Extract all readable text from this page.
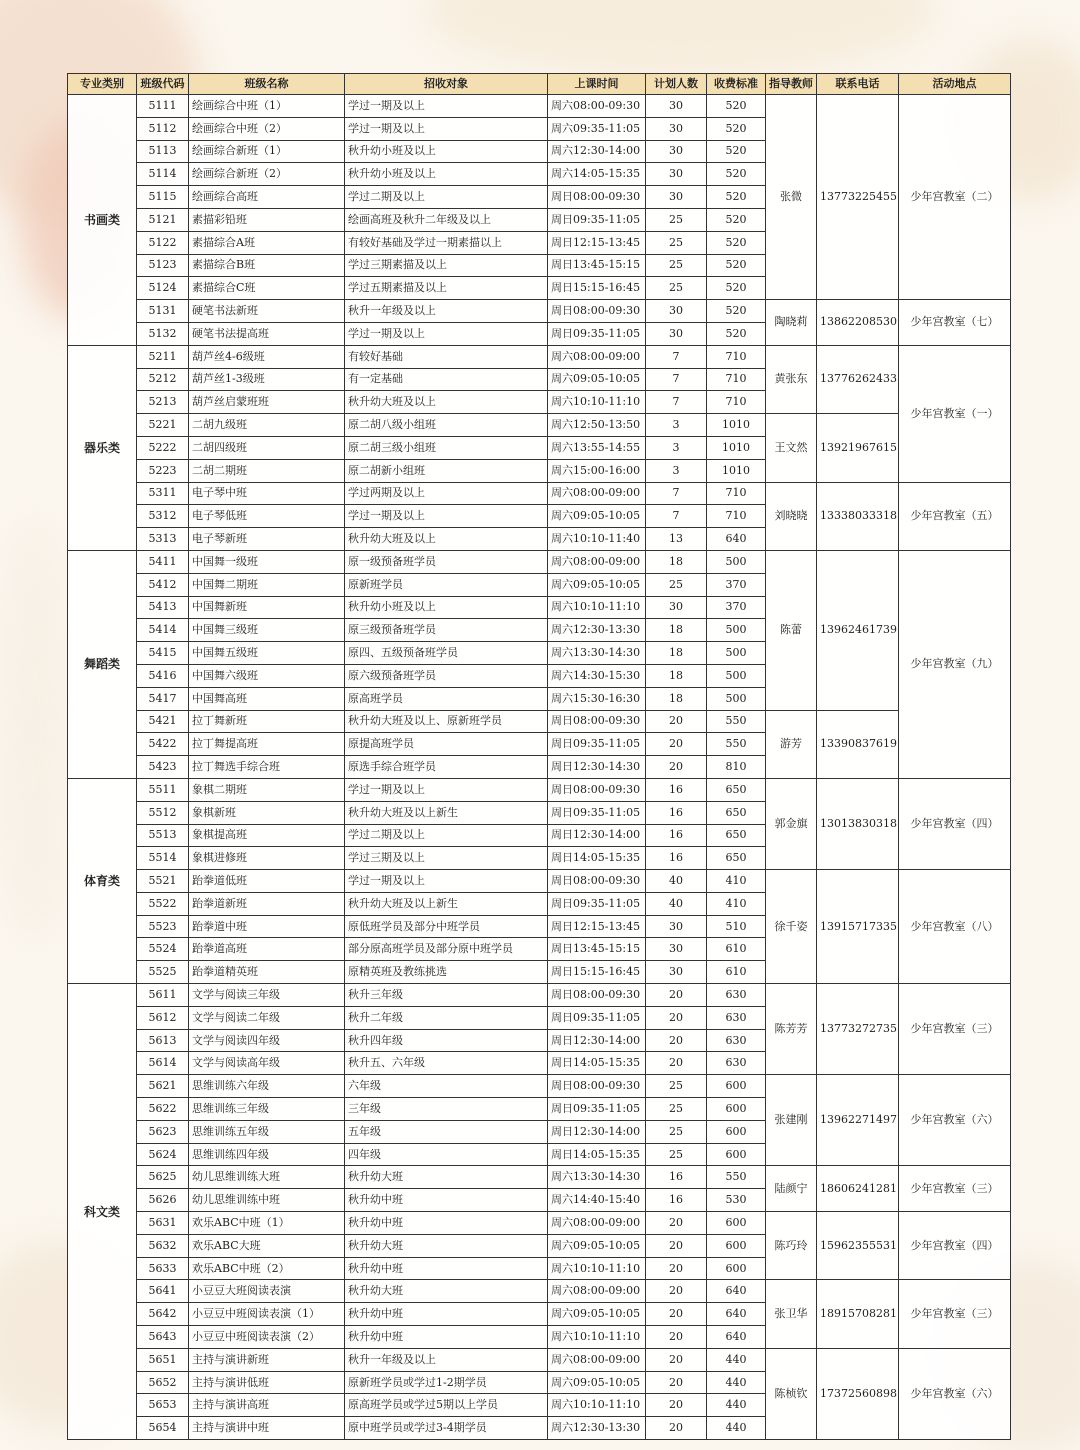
专业类别	班级代码	班级名称	招收对象	上课时间	计划人数	收费标准	指导教师	联系电话	活动地点
书画类	5111	绘画综合中班（1）	学过一期及以上	周六08:00-09:30	30	520	张微	13773225455	少年宫教室（二）
	5112	绘画综合中班（2）	学过一期及以上	周六09:35-11:05	30	520			
	5113	绘画综合新班（1）	秋升幼小班及以上	周六12:30-14:00	30	520			
	5114	绘画综合新班（2）	秋升幼小班及以上	周六14:05-15:35	30	520			
	5115	绘画综合高班	学过二期及以上	周日08:00-09:30	30	520			
	5121	素描彩铅班	绘画高班及秋升二年级及以上	周日09:35-11:05	25	520			
	5122	素描综合A班	有较好基础及学过一期素描以上	周日12:15-13:45	25	520			
	5123	素描综合B班	学过三期素描及以上	周日13:45-15:15	25	520			
	5124	素描综合C班	学过五期素描及以上	周日15:15-16:45	25	520			
	5131	硬笔书法新班	秋升一年级及以上	周日08:00-09:30	30	520	陶晓莉	13862208530	少年宫教室（七）
	5132	硬笔书法提高班	学过一期及以上	周日09:35-11:05	30	520			
器乐类	5211	葫芦丝4-6级班	有较好基础	周六08:00-09:00	7	710	黄张东	13776262433	少年宫教室（一）
	5212	葫芦丝1-3级班	有一定基础	周六09:05-10:05	7	710			
	5213	葫芦丝启蒙班班	秋升幼大班及以上	周六10:10-11:10	7	710			
	5221	二胡九级班	原二胡八级小组班	周六12:50-13:50	3	1010	王文然	13921967615	
	5222	二胡四级班	原二胡三级小组班	周六13:55-14:55	3	1010			
	5223	二胡二期班	原二胡新小组班	周六15:00-16:00	3	1010			
	5311	电子琴中班	学过两期及以上	周六08:00-09:00	7	710	刘晓晓	13338033318	少年宫教室（五）
	5312	电子琴低班	学过一期及以上	周六09:05-10:05	7	710			
	5313	电子琴新班	秋升幼大班及以上	周六10:10-11:40	13	640			
舞蹈类	5411	中国舞一级班	原一级预备班学员	周六08:00-09:00	18	500	陈蕾	13962461739	少年宫教室（九）
	5412	中国舞二期班	原新班学员	周六09:05-10:05	25	370			
	5413	中国舞新班	秋升幼小班及以上	周六10:10-11:10	30	370			
	5414	中国舞三级班	原三级预备班学员	周六12:30-13:30	18	500			
	5415	中国舞五级班	原四、五级预备班学员	周六13:30-14:30	18	500			
	5416	中国舞六级班	原六级预备班学员	周六14:30-15:30	18	500			
	5417	中国舞高班	原高班学员	周六15:30-16:30	18	500			
	5421	拉丁舞新班	秋升幼大班及以上、原新班学员	周日08:00-09:30	20	550	游芳	13390837619	
	5422	拉丁舞提高班	原提高班学员	周日09:35-11:05	20	550			
	5423	拉丁舞选手综合班	原选手综合班学员	周日12:30-14:30	20	810			
体育类	5511	象棋二期班	学过一期及以上	周日08:00-09:30	16	650	郭金旗	13013830318	少年宫教室（四）
	5512	象棋新班	秋升幼大班及以上新生	周日09:35-11:05	16	650			
	5513	象棋提高班	学过二期及以上	周日12:30-14:00	16	650			
	5514	象棋进修班	学过三期及以上	周日14:05-15:35	16	650			
	5521	跆拳道低班	学过一期及以上	周日08:00-09:30	40	410	徐千姿	13915717335	少年宫教室（八）
	5522	跆拳道新班	秋升幼大班及以上新生	周日09:35-11:05	40	410			
	5523	跆拳道中班	原低班学员及部分中班学员	周日12:15-13:45	30	510			
	5524	跆拳道高班	部分原高班学员及部分原中班学员	周日13:45-15:15	30	610			
	5525	跆拳道精英班	原精英班及教练挑选	周日15:15-16:45	30	610			
科文类	5611	文学与阅读三年级	秋升三年级	周日08:00-09:30	20	630	陈芳芳	13773272735	少年宫教室（三）
	5612	文学与阅读二年级	秋升二年级	周日09:35-11:05	20	630			
	5613	文学与阅读四年级	秋升四年级	周日12:30-14:00	20	630			
	5614	文学与阅读高年级	秋升五、六年级	周日14:05-15:35	20	630			
	5621	思维训练六年级	六年级	周日08:00-09:30	25	600	张建刚	13962271497	少年宫教室（六）
	5622	思维训练三年级	三年级	周日09:35-11:05	25	600			
	5623	思维训练五年级	五年级	周日12:30-14:00	25	600			
	5624	思维训练四年级	四年级	周日14:05-15:35	25	600			
	5625	幼儿思维训练大班	秋升幼大班	周六13:30-14:30	16	550	陆颜宁	18606241281	少年宫教室（三）
	5626	幼儿思维训练中班	秋升幼中班	周六14:40-15:40	16	530			
	5631	欢乐ABC中班（1）	秋升幼中班	周六08:00-09:00	20	600	陈巧玲	15962355531	少年宫教室（四）
	5632	欢乐ABC大班	秋升幼大班	周六09:05-10:05	20	600			
	5633	欢乐ABC中班（2）	秋升幼中班	周六10:10-11:10	20	600			
	5641	小豆豆大班阅读表演	秋升幼大班	周六08:00-09:00	20	640	张卫华	18915708281	少年宫教室（三）
	5642	小豆豆中班阅读表演（1）	秋升幼中班	周六09:05-10:05	20	640			
	5643	小豆豆中班阅读表演（2）	秋升幼中班	周六10:10-11:10	20	640			
	5651	主持与演讲新班	秋升一年级及以上	周六08:00-09:00	20	440	陈桢钦	17372560898	少年宫教室（六）
	5652	主持与演讲低班	原新班学员或学过1-2期学员	周六09:05-10:05	20	440			
	5653	主持与演讲高班	原高班学员或学过5期以上学员	周六10:10-11:10	20	440			
	5654	主持与演讲中班	原中班学员或学过3-4期学员	周六12:30-13:30	20	440			
